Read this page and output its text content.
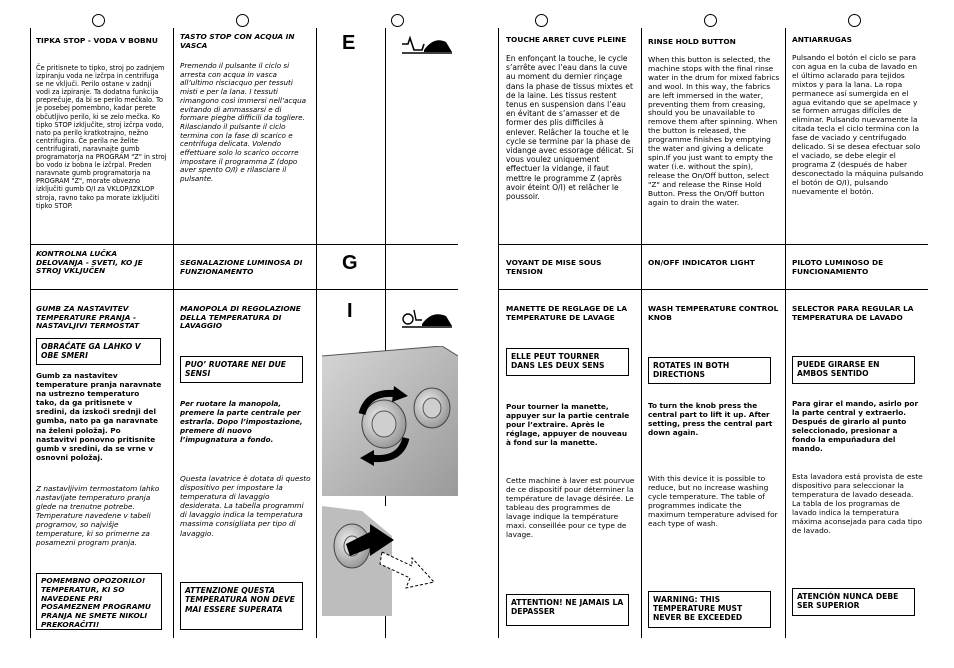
TIPKA STOP - VODA V BOBNU
Če pritisnete to tipko, stroj po zadnjem izpiranju voda ne izčrpa in centrifuga se ne vključi. Perilo ostane v zadnji vodi za izpiranje. Ta dodatna funkcija preprečuje, da bi se perilo mečkalo. To je posebej pomembno, kadar perete občutljivo perilo, ki se zelo mečka. Ko tipko STOP izključite, stroj izčrpa vodo, nato pa perilo kratkotrajno, nežno centrifugira. Če perila ne želite centrifugirati, naravnajte gumb programatorja na PROGRAM "Z" in stroj bo vodo iz bobna le izčrpal. Preden naravnate gumb programatorja na PROGRAM "Z", morate obvezno izključiti gumb O/I za VKLOP/IZKLOP stroja, ravno tako pa morate izključiti tipko STOP.
KONTROLNA LUČKA DELOVANJA - SVETI, KO JE STROJ VKLJUČEN
GUMB ZA NASTAVITEV TEMPERATURE PRANJA - NASTAVLJIVI TERMOSTAT
OBRAČATE GA LAHKO V OBE SMERI
Gumb za nastavitev temperature pranja naravnate na ustrezno temperaturo tako, da ga pritisnete v sredini, da izskoči srednji del gumba, nato pa ga naravnate na želeni položaj. Po nastavitvi ponovno pritisnite gumb v sredini, da se vrne v osnovni položaj.
Z nastavljivim termostatom lahko nastavljate temperaturo pranja glede na trenutne potrebe. Temperature navedene v tabeli programov, so najvišje temperature, ki so primerne za posamezni program pranja.
POMEMBNO OPOZORILO! TEMPERATUR, KI SO NAVEDENE PRI POSAMEZNEM PROGRAMU PRANJA NE SMETE NIKOLI PREKORAČITI!
TASTO STOP CON ACQUA IN VASCA
Premendo il pulsante il ciclo si arresta con acqua in vasca all’ultimo risciacquo per tessuti misti e per la lana. I tessuti rimangono così immersi nell’acqua evitando di ammassarsi e di formare pieghe difficili da togliere. Rilasciando il pulsante il ciclo termina con la fase di scarico e centrifuga delicata. Volendo effettuare solo lo scarico occorre impostare il programma Z (dopo aver spento O/I) e rilasciare il pulsante.
SEGNALAZIONE LUMINOSA DI FUNZIONAMENTO
MANOPOLA DI REGOLAZIONE DELLA TEMPERATURA DI LAVAGGIO
PUO’ RUOTARE NEI DUE SENSI
Per ruotare la manopola, premere la parte centrale per estrarla. Dopo l’impostazione, premere di nuovo l’impugnatura a fondo.
Questa lavatrice è dotata di questo dispositivo per impostare la temperatura di lavaggio desiderata. La tabella programmi di lavaggio indica la temperatura massima consigliata per tipo di lavaggio.
ATTENZIONE QUESTA TEMPERATURA NON DEVE MAI ESSERE SUPERATA
E
G
I
TOUCHE ARRET CUVE PLEINE
En enfonçant la touche, le cycle s’arrête avec l’eau dans la cuve au moment du dernier rinçage dans la phase de tissus mixtes et de la laine. Les tissus restent tenus en suspension dans l’eau en évitant de s’amasser et de former des plis difficiles à enlever. Relâcher la touche et le cycle se termine par la phase de vidange avec essorage délicat. Si vous voulez uniquement effectuer la vidange, il faut mettre le programme Z (après avoir éteint O/I) et relâcher le poussoir.
VOYANT DE MISE SOUS TENSION
MANETTE DE REGLAGE DE LA TEMPERATURE DE LAVAGE
ELLE PEUT TOURNER DANS LES DEUX SENS
Pour tourner la manette, appuyer sur la partie centrale pour l’extraire. Après le réglage, appuyer de nouveau à fond sur la manette.
Cette machine à laver est pourvue de ce dispositif pour déterminer la température de lavage désirée. Le tableau des programmes de lavage indique la température maxi. conseillée pour ce type de lavage.
ATTENTION! NE JAMAIS LA DEPASSER
RINSE HOLD BUTTON
When this button is selected, the machine stops with the final rinse water in the drum for mixed fabrics and wool. In this way, the fabrics are left immersed in the water, preventing them from creasing, should you be unavailable to remove them after spinning. When the button is released, the programme finishes by emptying the water and giving a delicate spin.If you just want to empty the water (i.e. without the spin), release the On/Off button, select "Z" and release the Rinse Hold Button. Press the On/Off button again to drain the water.
ON/OFF INDICATOR LIGHT
WASH TEMPERATURE CONTROL KNOB
ROTATES IN BOTH DIRECTIONS
To turn the knob press the central part to lift it up. After setting, press the central part down again.
With this device it is possible to reduce, but no increase washing cycle temperature. The table of programmes indicate the maximum temperature advised for each type of wash.
WARNING: THIS TEMPERATURE MUST NEVER BE EXCEEDED
ANTIARRUGAS
Pulsando el botón el ciclo se para con agua en la cuba de lavado en el último aclarado para tejidos mixtos y para la lana. La ropa permanece así sumergida en el agua evitando que se apelmace y se formen arrugas difíciles de eliminar. Pulsando nuevamente la citada tecla el ciclo termina con la fase de vaciado y centrifugado delicado. Si se desea efectuar solo el vaciado, se debe elegir el programa Z (después de haber desconectado la máquina pulsando el botón de O/I), pulsando nuevamente el botón.
PILOTO LUMINOSO DE FUNCIONAMIENTO
SELECTOR PARA REGULAR LA TEMPERATURA DE LAVADO
PUEDE GIRARSE EN AMBOS SENTIDO
Para girar el mando, asirlo por la parte central y extraerlo. Después de girarlo al punto seleccionado, presionar a fondo la empuñadura del mando.
Esta lavadora está provista de este dispositivo para seleccionar la temperatura de lavado deseada. La tabla de los programas de lavado indica la temperatura máxima aconsejada para cada tipo de lavado.
ATENCIÓN NUNCA DEBE SER SUPERIOR
